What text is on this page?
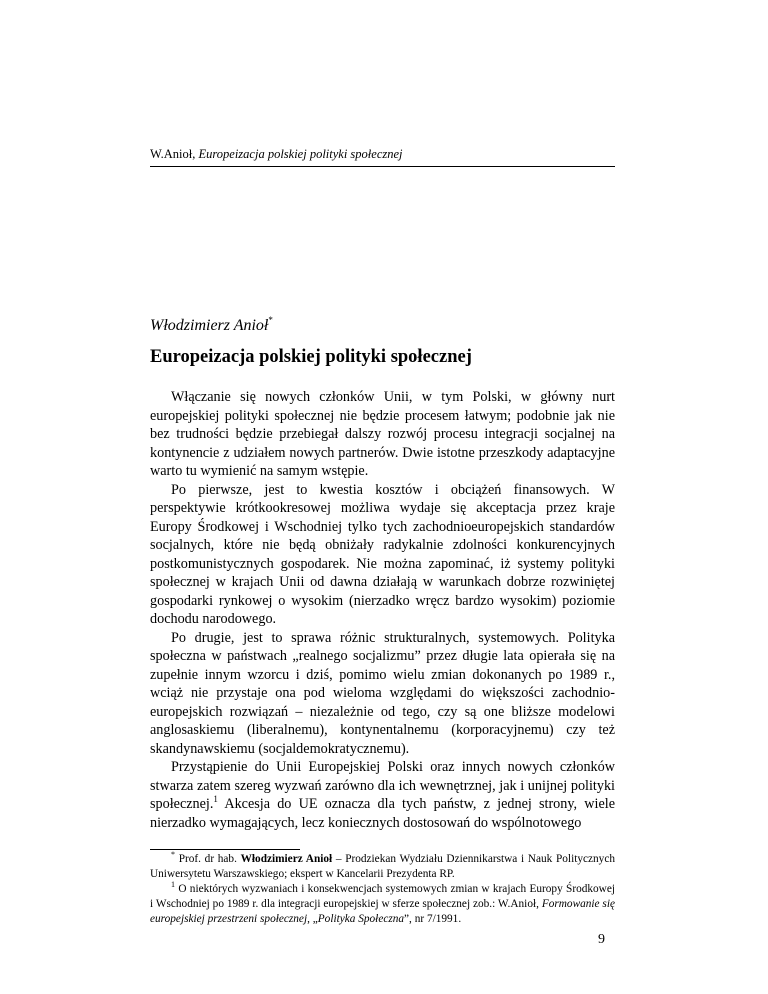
W.Anioł, Europeizacja polskiej polityki społecznej
Włodzimierz Anioł*
Europeizacja polskiej polityki społecznej

Włączanie się nowych członków Unii, w tym Polski, w główny nurt europejskiej polityki społecznej nie będzie procesem łatwym; podobnie jak nie bez trudności będzie przebiegał dalszy rozwój procesu integracji socjalnej na kontynencie z udziałem nowych partnerów. Dwie istotne przeszkody adaptacyjne warto tu wymienić na samym wstępie.

Po pierwsze, jest to kwestia kosztów i obciążeń finansowych. W perspektywie krótkookresowej możliwa wydaje się akceptacja przez kraje Europy Środkowej i Wschodniej tylko tych zachodnioeuropejskich standardów socjalnych, które nie będą obniżały radykalnie zdolności konkurencyjnych postkomunistycznych gospodarek. Nie można zapominać, iż systemy polityki społecznej w krajach Unii od dawna działają w warunkach dobrze rozwiniętej gospodarki rynkowej o wysokim (nierzadko wręcz bardzo wysokim) poziomie dochodu narodowego.

Po drugie, jest to sprawa różnic strukturalnych, systemowych. Polityka społeczna w państwach „realnego socjalizmu” przez długie lata opierała się na zupełnie innym wzorcu i dziś, pomimo wielu zmian dokonanych po 1989 r., wciąż nie przystaje ona pod wieloma względami do większości zachodnio-europejskich rozwiązań – niezależnie od tego, czy są one bliższe modelowi anglosaskiemu (liberalnemu), kontynentalnemu (korporacyjnemu) czy też skandynawskiemu (socjaldemokratycznemu).

Przystąpienie do Unii Europejskiej Polski oraz innych nowych członków stwarza zatem szereg wyzwań zarówno dla ich wewnętrznej, jak i unijnej polityki społecznej.$^1$ Akcesja do UE oznacza dla tych państw, z jednej strony, wiele nierzadko wymagających, lecz koniecznych dostosowań do wspólnotowego

* Prof. dr hab. Włodzimierz Anioł – Prodziekan Wydziału Dziennikarstwa i Nauk Politycznych Uniwersytetu Warszawskiego; ekspert w Kancelarii Prezydenta RP.

$^1$ O niektórych wyzwaniach i konsekwencjach systemowych zmian w krajach Europy Środkowej i Wschodniej po 1989 r. dla integracji europejskiej w sferze społecznej zob.: W.Anioł, Formowanie się europejskiej przestrzeni społecznej, „Polityka Społeczna”, nr 7/1991.

9
